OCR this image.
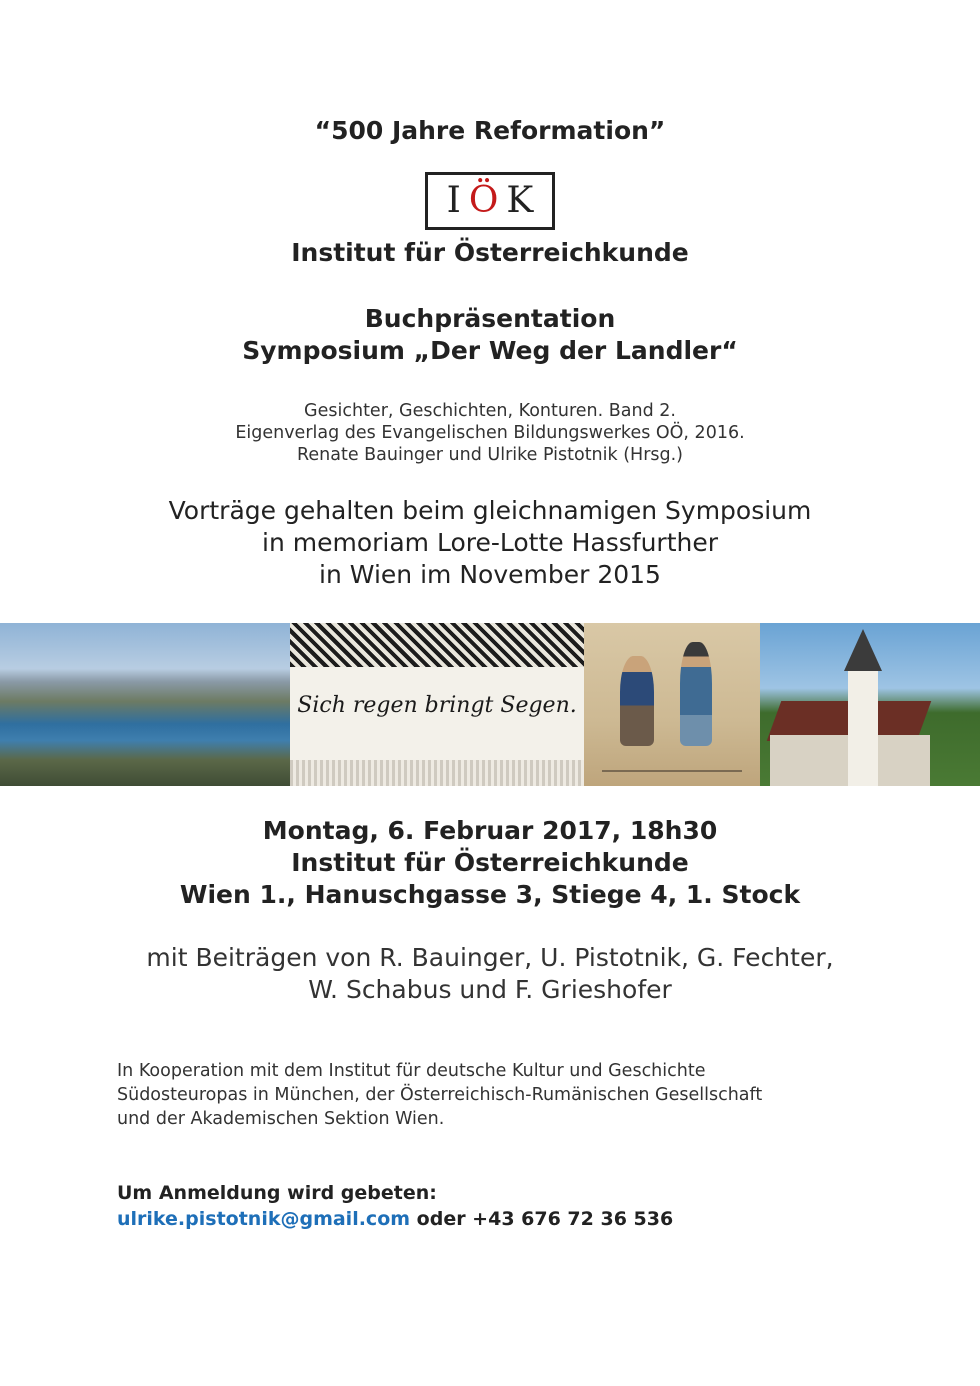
“500 Jahre Reformation”
IÖK
Institut für Österreichkunde
Buchpräsentation
Symposium „Der Weg der Landler“
Gesichter, Geschichten, Konturen. Band 2.
Eigenverlag des Evangelischen Bildungswerkes OÖ, 2016.
Renate Bauinger und Ulrike Pistotnik (Hrsg.)
Vorträge gehalten beim gleichnamigen Symposium
in memoriam Lore-Lotte Hassfurther
in Wien im November 2015
Sich regen bringt Segen.
Montag, 6. Februar 2017, 18h30
Institut für Österreichkunde
Wien 1., Hanuschgasse 3, Stiege 4, 1. Stock
mit Beiträgen von R. Bauinger, U. Pistotnik, G. Fechter,
W. Schabus und F. Grieshofer
In Kooperation mit dem Institut für deutsche Kultur und Geschichte
Südosteuropas in München, der Österreichisch-Rumänischen Gesellschaft
und der Akademischen Sektion Wien.
Um Anmeldung wird gebeten:
ulrike.pistotnik@gmail.com oder +43 676 72 36 536
